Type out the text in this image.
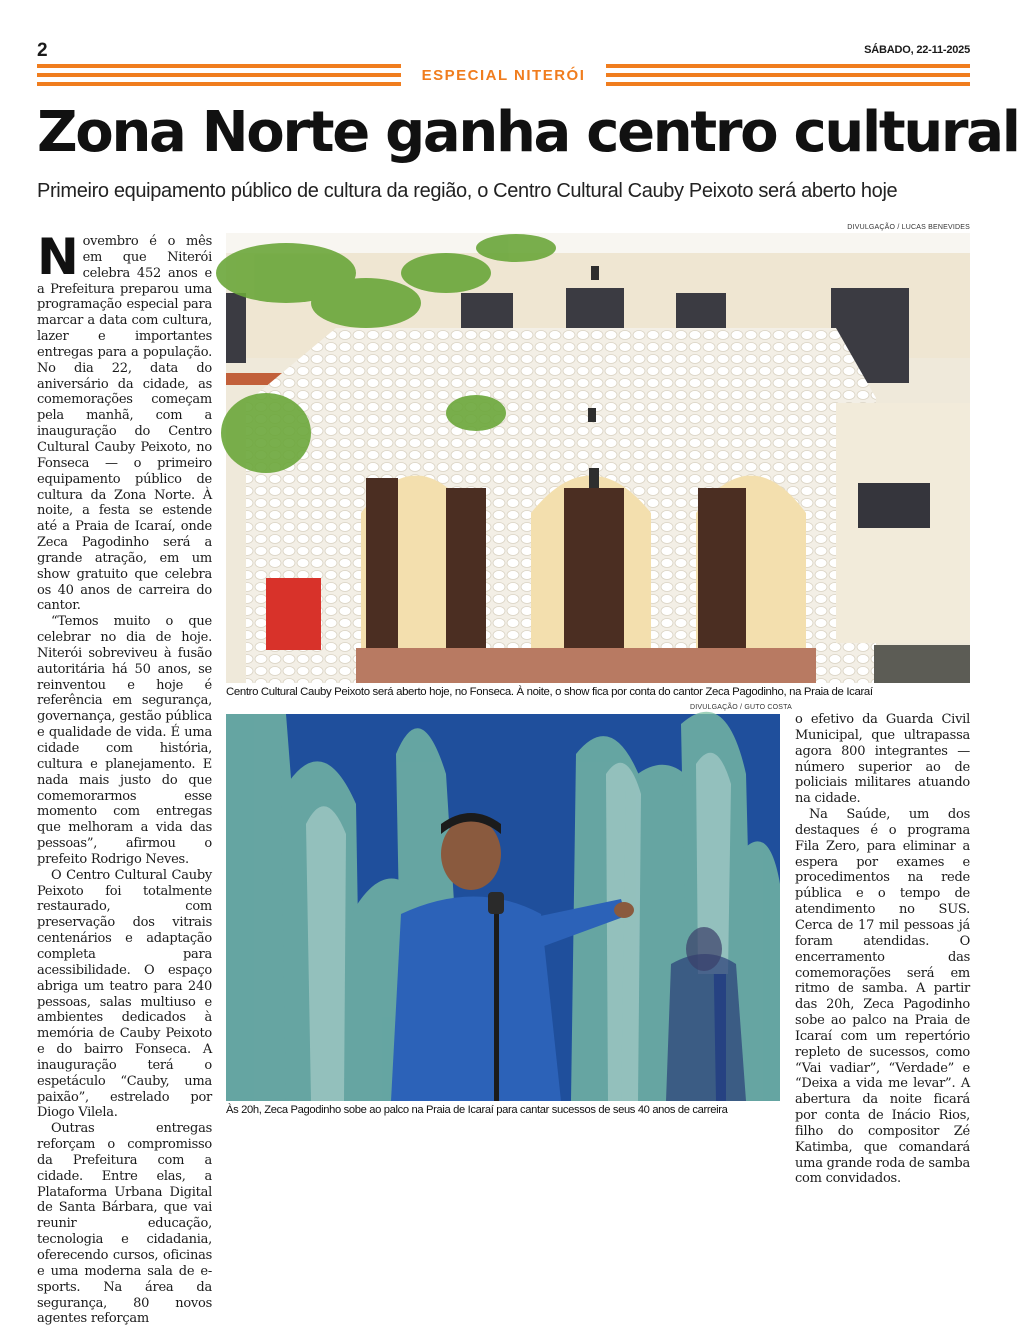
2	SÁBADO, 22-11-2025
ESPECIAL NITERÓI
Zona Norte ganha centro cultural
Primeiro equipamento público de cultura da região, o Centro Cultural Cauby Peixoto será aberto hoje

Novembro é o mês em que Niterói celebra 452 anos e a Prefeitura preparou uma programação especial para marcar a data com cultura, lazer e importantes entregas para a população. No dia 22, data do aniversário da cidade, as comemorações começam pela manhã, com a inauguração do Centro Cultural Cauby Peixoto, no Fonseca — o primeiro equipamento público de cultura da Zona Norte. À noite, a festa se estende até a Praia de Icaraí, onde Zeca Pagodinho será a grande atração, em um show gratuito que celebra os 40 anos de carreira do cantor.

“Temos muito o que celebrar no dia de hoje. Niterói sobreviveu à fusão autoritária há 50 anos, se reinventou e hoje é referência em segurança, governança, gestão pública e qualidade de vida. É uma cidade com história, cultura e planejamento. E nada mais justo do que comemorarmos esse momento com entregas que melhoram a vida das pessoas”, afirmou o prefeito Rodrigo Neves.

O Centro Cultural Cauby Peixoto foi totalmente restaurado, com preservação dos vitrais centenários e adaptação completa para acessibilidade. O espaço abriga um teatro para 240 pessoas, salas multiuso e ambientes dedicados à memória de Cauby Peixoto e do bairro Fonseca. A inauguração terá o espetáculo “Cauby, uma paixão”, estrelado por Diogo Vilela.

Outras entregas reforçam o compromisso da Prefeitura com a cidade. Entre elas, a Plataforma Urbana Digital de Santa Bárbara, que vai reunir educação, tecnologia e cidadania, oferecendo cursos, oficinas e uma moderna sala de e-sports. Na área da segurança, 80 novos agentes reforçam

DIVULGAÇÃO / LUCAS BENEVIDES
Centro Cultural Cauby Peixoto será aberto hoje, no Fonseca. À noite, o show fica por conta do cantor Zeca Pagodinho, na Praia de Icaraí
DIVULGAÇÃO / GUTO COSTA
Às 20h, Zeca Pagodinho sobe ao palco na Praia de Icaraí para cantar sucessos de seus 40 anos de carreira

o efetivo da Guarda Civil Municipal, que ultrapassa agora 800 integrantes — número superior ao de policiais militares atuando na cidade.

Na Saúde, um dos destaques é o programa Fila Zero, para eliminar a espera por exames e procedimentos na rede pública e o tempo de atendimento no SUS. Cerca de 17 mil pessoas já foram atendidas. O encerramento das comemorações será em ritmo de samba. A partir das 20h, Zeca Pagodinho sobe ao palco na Praia de Icaraí com um repertório repleto de sucessos, como “Vai vadiar”, “Verdade” e “Deixa a vida me levar”. A abertura da noite ficará por conta de Inácio Rios, filho do compositor Zé Katimba, que comandará uma grande roda de samba com convidados.
